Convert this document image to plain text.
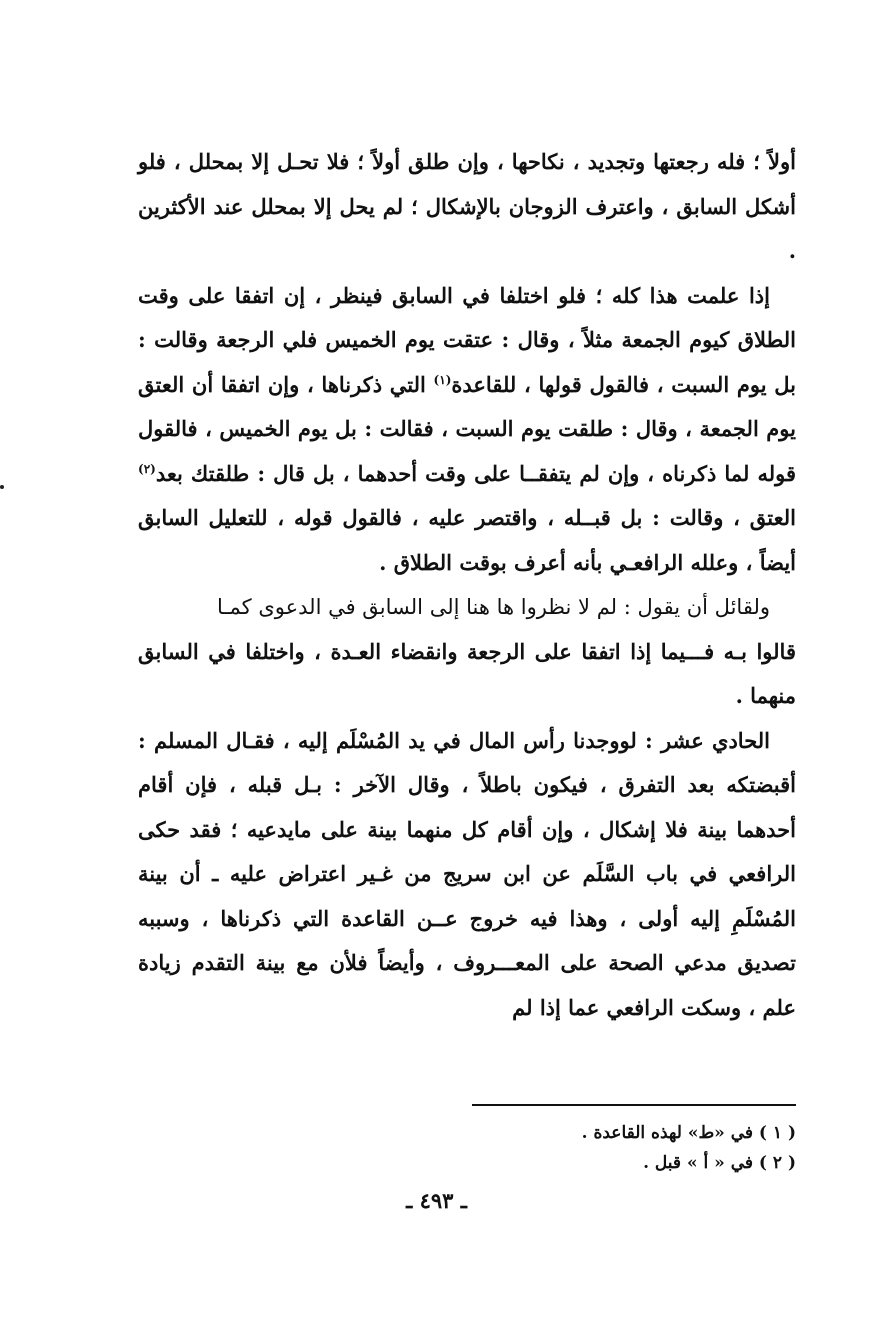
أولاً ؛ فله رجعتها وتجديد ، نكاحها ، وإن طلق أولاً ؛ فلا تحـل إلا بمحلل ، فلو أشكل السابق ، واعترف الزوجان بالإشكال ؛ لم يحل إلا بمحلل عند الأكثرين .

إذا علمت هذا كله ؛ فلو اختلفا في السابق فينظر ، إن اتفقا على وقت الطلاق كيوم الجمعة مثلاً ، وقال : عتقت يوم الخميس فلي الرجعة وقالت : بل يوم السبت ، فالقول قولها ، للقاعدة$^{(١)}$ التي ذكرناها ، وإن اتفقا أن العتق يوم الجمعة ، وقال : طلقت يوم السبت ، فقالت : بل يوم الخميس ، فالقول قوله لما ذكرناه ، وإن لم يتفقــا على وقت أحدهما ، بل قال : طلقتك بعد$^{(٢)}$ العتق ، وقالت : بل قبــله ، واقتصر عليه ، فالقول قوله ، للتعليل السابق أيضاً ، وعلله الرافعـي بأنه أعرف بوقت الطلاق .

ولقائل أن يقول : لم لا نظروا ها هنا إلى السابق في الدعوى كمـا

قالوا بـه فـــيما إذا اتفقا على الرجعة وانقضاء العـدة ، واختلفا في السابق منهما .

الحادي عشر : لووجدنا رأس المال في يد المُسْلَم إليه ، فقـال المسلم : أقبضتكه بعد التفرق ، فيكون باطلاً ، وقال الآخر : بـل قبله ، فإن أقام أحدهما بينة فلا إشكال ، وإن أقام كل منهما بينة على مايدعيه ؛ فقد حكى الرافعي في باب السَّلَم عن ابن سريج من غـير اعتراض عليه ـ أن بينة المُسْلَمِ إليه أولى ، وهذا فيه خروج عــن القاعدة التي ذكرناها ، وسببه تصديق مدعي الصحة على المعـــروف ، وأيضاً فلأن مع بينة التقدم زيادة علم ، وسكت الرافعي عما إذا لم

( ١ ) في «ط» لهذه القاعدة .
( ٢ ) في « أ » قبل .
ـ ٤٩٣ ـ
